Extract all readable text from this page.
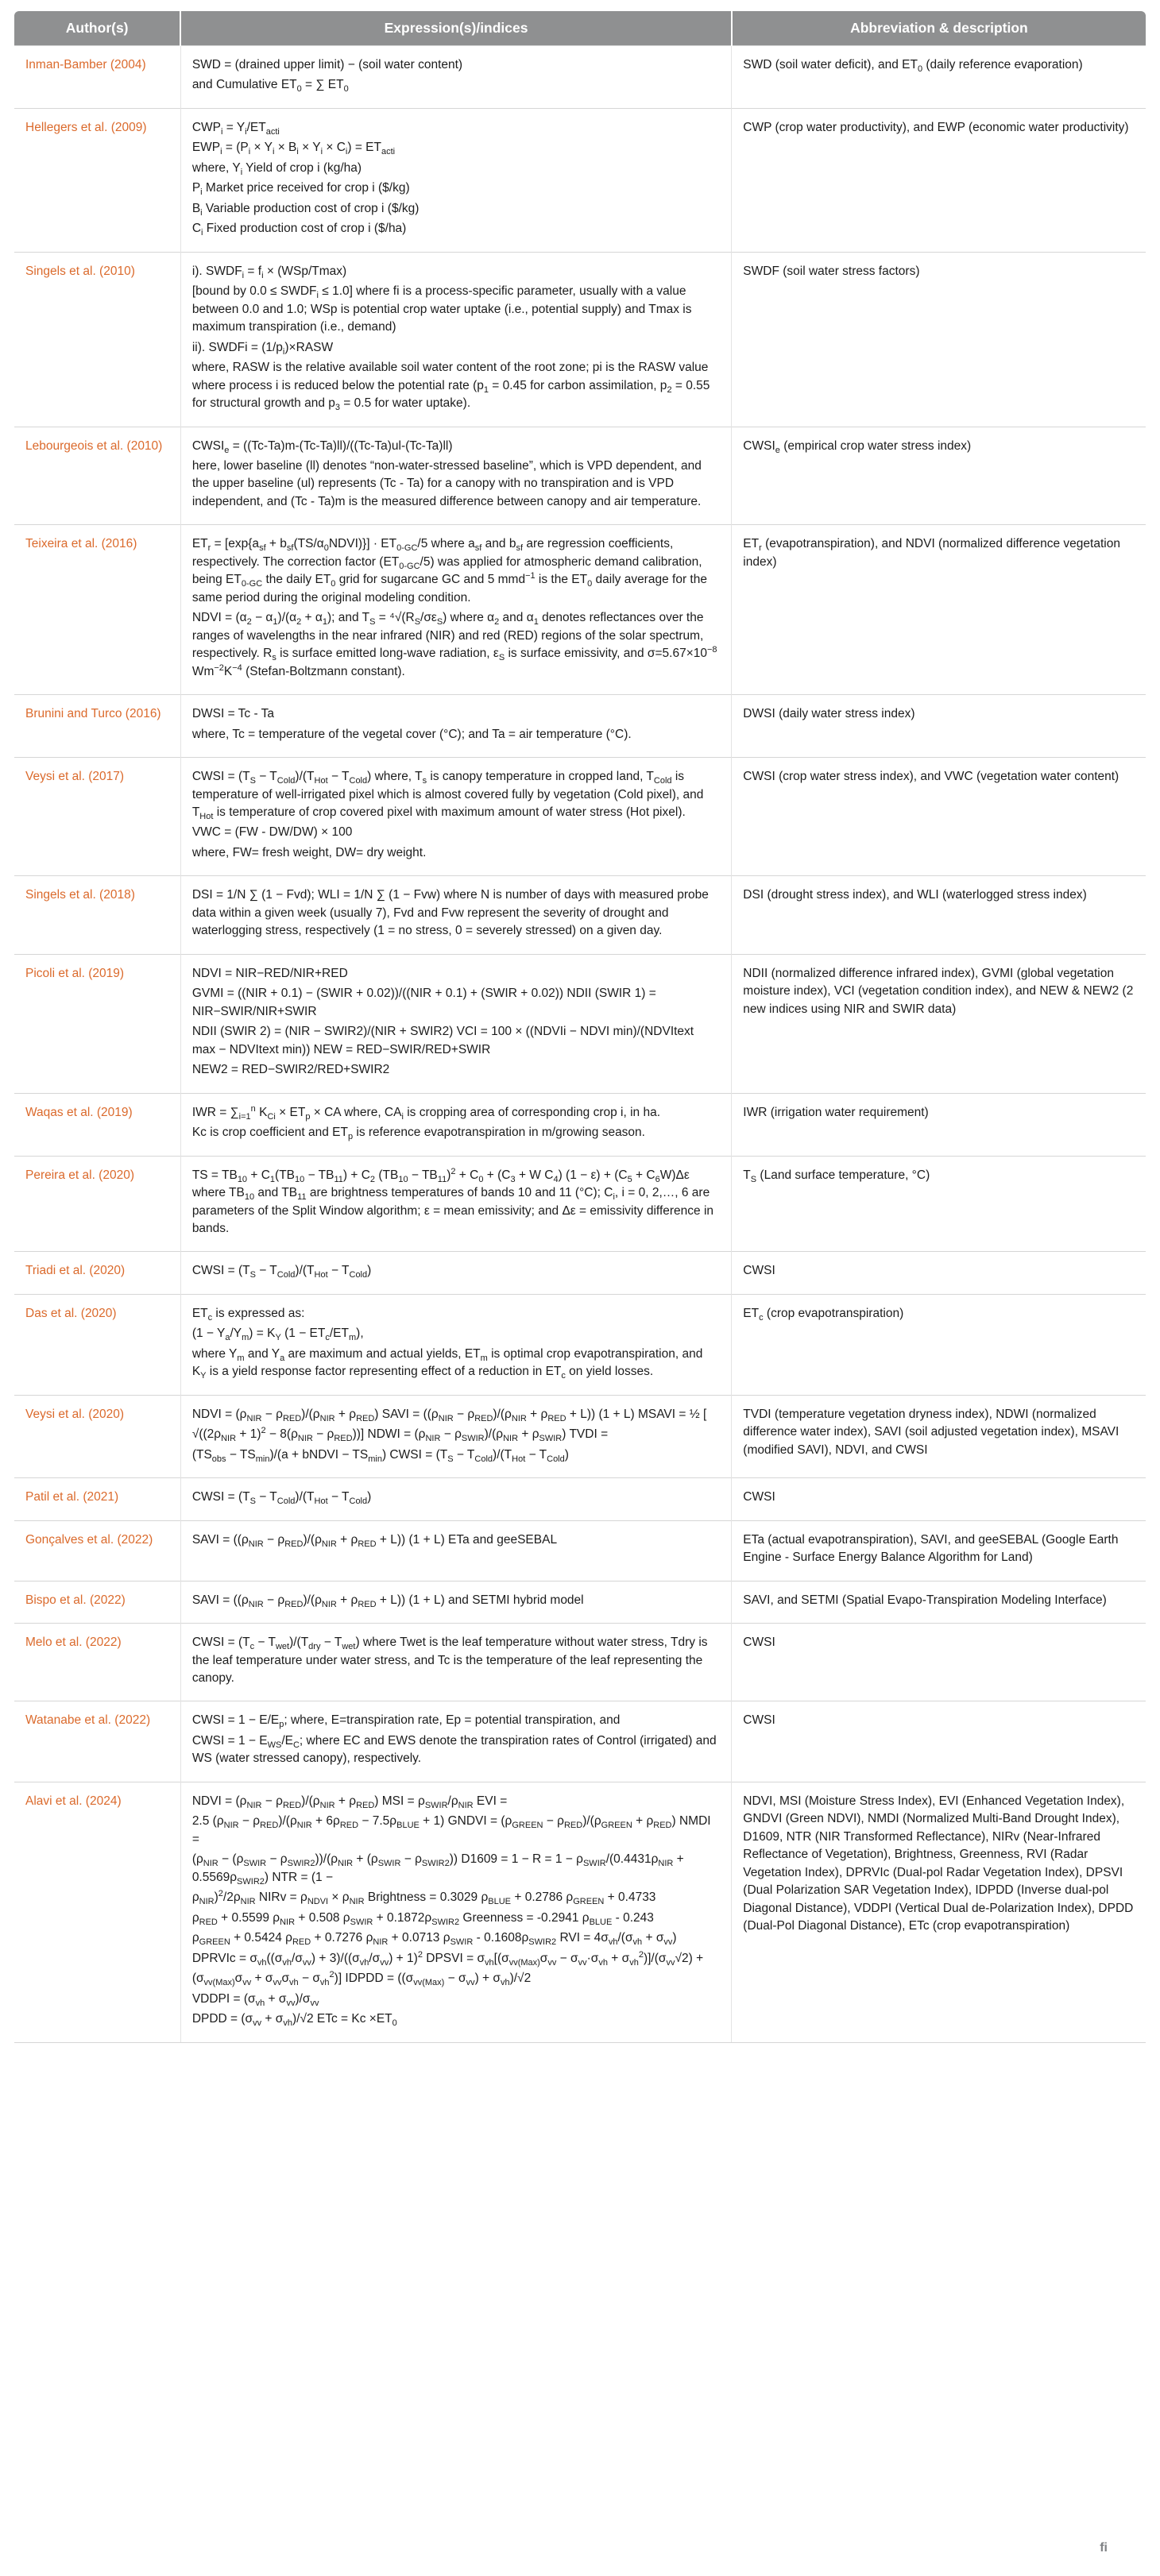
Author(s)	Expression(s)/indices	Abbreviation & description
Inman-Bamber (2004)	SWD = (drained upper limit) − (soil water content)
and Cumulative $ET_0$ = ∑ $ET_0$	SWD (soil water deficit), and $ET_0$ (daily reference evaporation)
Hellegers et al. (2009)	$CWP_i = Y_i/ET_{acti}$
$EWP_i = (P_i \times Y_i \times B_i \times Y_i \times C_i) = ET_{acti}$
where, $Y_i$ Yield of crop i (kg/ha)
$P_i$ Market price received for crop i ($/kg)
$B_i$ Variable production cost of crop i ($/kg)
$C_i$ Fixed production cost of crop i ($/ha)
	CWP (crop water productivity), and EWP (economic water productivity)
Singels et al. (2010)	i). $SWDF_i = f_i \times (WSp/Tmax)$
[bound by $0.0 \le SWDF_i \le 1.0$] where fi is a process-specific parameter, usually with a value between 0.0 and 1.0; WSp is potential crop water uptake (i.e., potential supply) and Tmax is maximum transpiration (i.e., demand)
ii). SWDFi = $(1/p_i)\times RASW$
where, RASW is the relative available soil water content of the root zone; pi is the RASW value where process i is reduced below the potential rate ($p_1 = 0.45$ for carbon assimilation, $p_2 = 0.55$ for structural growth and $p_3 = 0.5$ for water uptake).	SWDF (soil water stress factors)
Lebourgeois et al. (2010)	$CWSI_e = ((Tc-Ta)m-(Tc-Ta)ll)/((Tc-Ta)ul-(Tc-Ta)ll)$
here, lower baseline (ll) denotes “non-water-stressed baseline”, which is VPD dependent, and the upper baseline (ul) represents (Tc - Ta) for a canopy with no transpiration and is VPD independent, and (Tc - Ta)m is the measured difference between canopy and air temperature.	$CWSI_e$ (empirical crop water stress index)
Teixeira et al. (2016)	$ET_r = [\exp\{a_{sf}$ + $b_{sf}(TS/\alpha_0NDVI)\}] \cdot ET_{0-GC}/5$ where $a_{sf}$ and $b_{sf}$ are regression coefficients, respectively. The correction factor $(ET_{0-GC}/5)$ was applied for atmospheric demand calibration, being $ET_{0-GC}$ the daily $ET_0$ grid for sugarcane GC and 5 mmd$^{-1}$ is the $ET_0$ daily average for the same period during the original modeling condition.
NDVI = $(\alpha_2 - \alpha_1)/(\alpha_2 + \alpha_1)$; and $T_S = ^4√(R_S/\sigma\varepsilon_S)$ where $\alpha_2$ and $\alpha_1$ denotes reflectances over the ranges of wavelengths in the near infrared (NIR) and red (RED) regions of the solar spectrum, respectively. $R_s$ is surface emitted long-wave radiation, $\varepsilon_S$ is surface emissivity, and $\sigma=5.67\times 10^{-8}$ $Wm^{-2}K^{-4}$ (Stefan-Boltzmann constant).	$ET_r$ (evapotranspiration), and NDVI (normalized difference vegetation index)
Brunini and Turco (2016)	DWSI = Tc - Ta
where, Tc = temperature of the vegetal cover (°C); and Ta = air temperature (°C).	DWSI (daily water stress index)
Veysi et al. (2017)	CWSI = $(T_S - T_{Cold})/(T_{Hot} - T_{Cold})$ where, $T_s$ is canopy temperature in cropped land, $T_{Cold}$ is temperature of well-irrigated pixel which is almost covered fully by vegetation (Cold pixel), and $T_{Hot}$ is temperature of crop covered pixel with maximum amount of water stress (Hot pixel).
VWC = (FW - DW/DW) × 100
where, FW= fresh weight, DW= dry weight.	CWSI (crop water stress index), and VWC (vegetation water content)
Singels et al. (2018)	DSI = 1/N ∑ (1 − Fvd); WLI = 1/N ∑ (1 − Fvw) where N is number of days with measured probe data within a given week (usually 7), Fvd and Fvw represent the severity of drought and waterlogging stress, respectively (1 = no stress, 0 = severely stressed) on a given day.	DSI (drought stress index), and WLI (waterlogged stress index)
Picoli et al. (2019)	NDVI = NIR−RED/NIR+RED
GVMI = ((NIR + 0.1) − (SWIR + 0.02))/((NIR + 0.1) + (SWIR + 0.02)) NDII (SWIR 1) = NIR−SWIR/NIR+SWIR
NDII (SWIR 2) = (NIR − SWIR2)/(NIR + SWIR2) VCI = 100 × ((NDVIi − NDVI min)/(NDVItext max − NDVItext min)) NEW = RED−SWIR/RED+SWIR
NEW2 = RED−SWIR2/RED+SWIR2	NDII (normalized difference infrared index), GVMI (global vegetation moisture index), VCI (vegetation condition index), and NEW & NEW2 (2 new indices using NIR and SWIR data)
Waqas et al. (2019)	IWR = $\sum_{i=1}^n$ $K_{Ci} \times ET_p$ × CA where, $CA_i$ is cropping area of corresponding crop i, in ha.
Kc is crop coefficient and $ET_p$ is reference evapotranspiration in m/growing season.	IWR (irrigation water requirement)
Pereira et al. (2020)	TS = $TB_{10} + C_1(TB_{10} - TB_{11}) + C_2$ $(TB_{10} - TB_{11})^2 + C_0 + (C_3 + W$ $C_4$) $(1 - \varepsilon) + (C_5 + C_6W)\Delta\varepsilon$ where $TB_{10}$ and $TB_{11}$ are brightness temperatures of bands 10 and 11 (°C); $C_i$, i = 0, 2,…, 6 are parameters of the Split Window algorithm; ε = mean emissivity; and Δε = emissivity difference in bands.	$T_S$ (Land surface temperature, °C)
Triadi et al. (2020)	CWSI = $(T_S - T_{Cold})/(T_{Hot} - T_{Cold})$	CWSI
Das et al. (2020)	$ET_c$ is expressed as:
$(1 - Y_a/Y_m) = K_Y$ $(1 - ET_c/ET_m)$,
where $Y_m$ and $Y_a$ are maximum and actual yields, $ET_m$ is optimal crop evapotranspiration, and $K_Y$ is a yield response factor representing effect of a reduction in $ET_c$ on yield losses.	$ET_c$ (crop evapotranspiration)
Veysi et al. (2020)	NDVI = $(\rho_{NIR} - \rho_{RED})/(\rho_{NIR} + \rho_{RED})$ SAVI = $((\rho_{NIR} - \rho_{RED})/(\rho_{NIR} + \rho_{RED} + L)) (1 + L)$ MSAVI = ½ [
$√((2\rho_{NIR} + 1)^2 - 8(\rho_{NIR} - \rho_{RED}))$] NDWI = $(\rho_{NIR} - \rho_{SWIR})/(\rho_{NIR} + \rho_{SWIR})$ TVDI =
$(TS_{obs} - TS_{min})/(a$ + bNDVI − $TS_{min}$) CWSI = $(T_S - T_{Cold})/(T_{Hot} - T_{Cold})$	TVDI (temperature vegetation dryness index), NDWI (normalized difference water index), SAVI (soil adjusted vegetation index), MSAVI (modified SAVI), NDVI, and CWSI
Patil et al. (2021)	CWSI = $(T_S - T_{Cold})/(T_{Hot} - T_{Cold})$	CWSI
Gonçalves et al. (2022)	SAVI = $((\rho_{NIR} - \rho_{RED})/(\rho_{NIR} + \rho_{RED} + L)) (1 + L)$ ETa and geeSEBAL	ETa (actual evapotranspiration), SAVI, and geeSEBAL (Google Earth Engine - Surface Energy Balance Algorithm for Land)
Bispo et al. (2022)	SAVI = $((\rho_{NIR} - \rho_{RED})/(\rho_{NIR} + \rho_{RED} + L)) (1 + L)$ and SETMI hybrid model	SAVI, and SETMI (Spatial Evapo-Transpiration Modeling Interface)
Melo et al. (2022)	CWSI = $(T_c - T_{wet})/(T_{dry} - T_{wet})$ where Twet is the leaf temperature without water stress, Tdry is the leaf temperature under water stress, and Tc is the temperature of the leaf representing the canopy.	CWSI
Watanabe et al. (2022)	CWSI = $1 - E/E_p$; where, E=transpiration rate, Ep = potential transpiration, and
CWSI = $1 - E_{WS}/E_C$; where EC and EWS denote the transpiration rates of Control (irrigated) and WS (water stressed canopy), respectively.	CWSI
Alavi et al. (2024)	NDVI = $(\rho_{NIR} - \rho_{RED})/(\rho_{NIR} + \rho_{RED})$ MSI = $\rho_{SWIR}/\rho_{NIR}$ EVI =
2.5 $(\rho_{NIR} - \rho_{RED})/(\rho_{NIR} + 6\rho_{RED} - 7.5\rho_{BLUE} + 1)$ GNDVI = $(\rho_{GREEN} - \rho_{RED})/(\rho_{GREEN} + \rho_{RED})$ NMDI =
$(\rho_{NIR} - (\rho_{SWIR} - \rho_{SWIR2}))/(\rho_{NIR} + (\rho_{SWIR} - \rho_{SWIR2})) D1609 = 1 - R = 1 - \rho_{SWIR}/(0.4431\rho_{NIR} + 0.5569\rho_{SWIR2})$ NTR = (1 −
$\rho_{NIR})^2/2\rho_{NIR}$ NIRv = $\rho_{NDVI} \times \rho_{NIR}$ Brightness = 0.3029 $\rho_{BLUE} + 0.2786$ $\rho_{GREEN} + 0.4733$
$\rho_{RED} + 0.5599$ $\rho_{NIR} + 0.508$ $\rho_{SWIR} + 0.1872\rho_{SWIR2}$ Greenness = -0.2941 $\rho_{BLUE} - 0.243$
$\rho_{GREEN} + 0.5424$ $\rho_{RED} + 0.7276$ $\rho_{NIR} + 0.0713$ $\rho_{SWIR} - 0.1608\rho_{SWIR2}$ RVI = $4\sigma_{vh}/(\sigma_{vh} + \sigma_{vv})$
DPRVIc = $\sigma_{vh}((\sigma_{vh}/\sigma_{vv}) + 3)/((\sigma_{vh}/\sigma_{vv}) + 1)^2$ DPSVI = $\sigma_{vh}[(\sigma_{vv(Max)}\sigma_{vv} - \sigma_{vv}\cdot\sigma_{vh} + \sigma_{vh}^2)]/(\sigma_{vv}√2)$ +
$(\sigma_{vv(Max)}\sigma_{vv} + \sigma_{vv}\sigma_{vh} - \sigma_{vh}^2)$] IDPDD = $((\sigma_{vv(Max)} - \sigma_{vv}) + \sigma_{vh})/√2$
VDDPI = $(\sigma_{vh} + \sigma_{vv})/\sigma_{vv}$
DPDD = $(\sigma_{vv} + \sigma_{vh})/√2$ ETc = $Kc \times ET_0$
	NDVI, MSI (Moisture Stress Index), EVI (Enhanced Vegetation Index), GNDVI (Green NDVI), NMDI (Normalized Multi-Band Drought Index), D1609, NTR (NIR Transformed Reflectance), NIRv (Near-Infrared Reflectance of Vegetation), Brightness, Greenness, RVI (Radar Vegetation Index), DPRVIc (Dual-pol Radar Vegetation Index), DPSVI (Dual Polarization SAR Vegetation Index), IDPDD (Inverse dual-pol Diagonal Distance), VDDPI (Vertical Dual de-Polarization Index), DPDD (Dual-Pol Diagonal Distance), ETc (crop evapotranspiration)
fi
